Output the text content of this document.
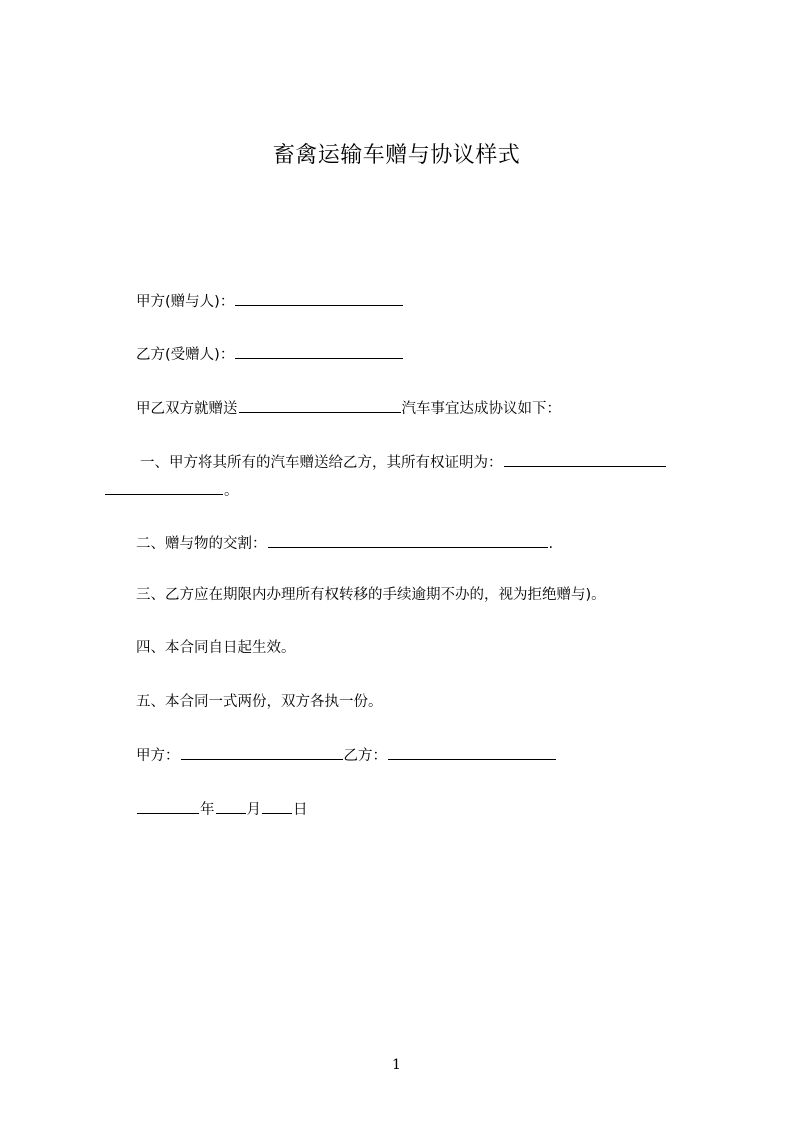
畜禽运输车赠与协议样式
甲方(赠与人)：
乙方(受赠人)：
甲乙双方就赠送	汽车事宜达成协议如下：
一、甲方将其所有的汽车赠送给乙方，其所有权证明为：
。
二、赠与物的交割：	.
三、乙方应在期限内办理所有权转移的手续逾期不办的，视为拒绝赠与)。
四、本合同自日起生效。
五、本合同一式两份，双方各执一份。
甲方：	乙方：
年 月 日
1
